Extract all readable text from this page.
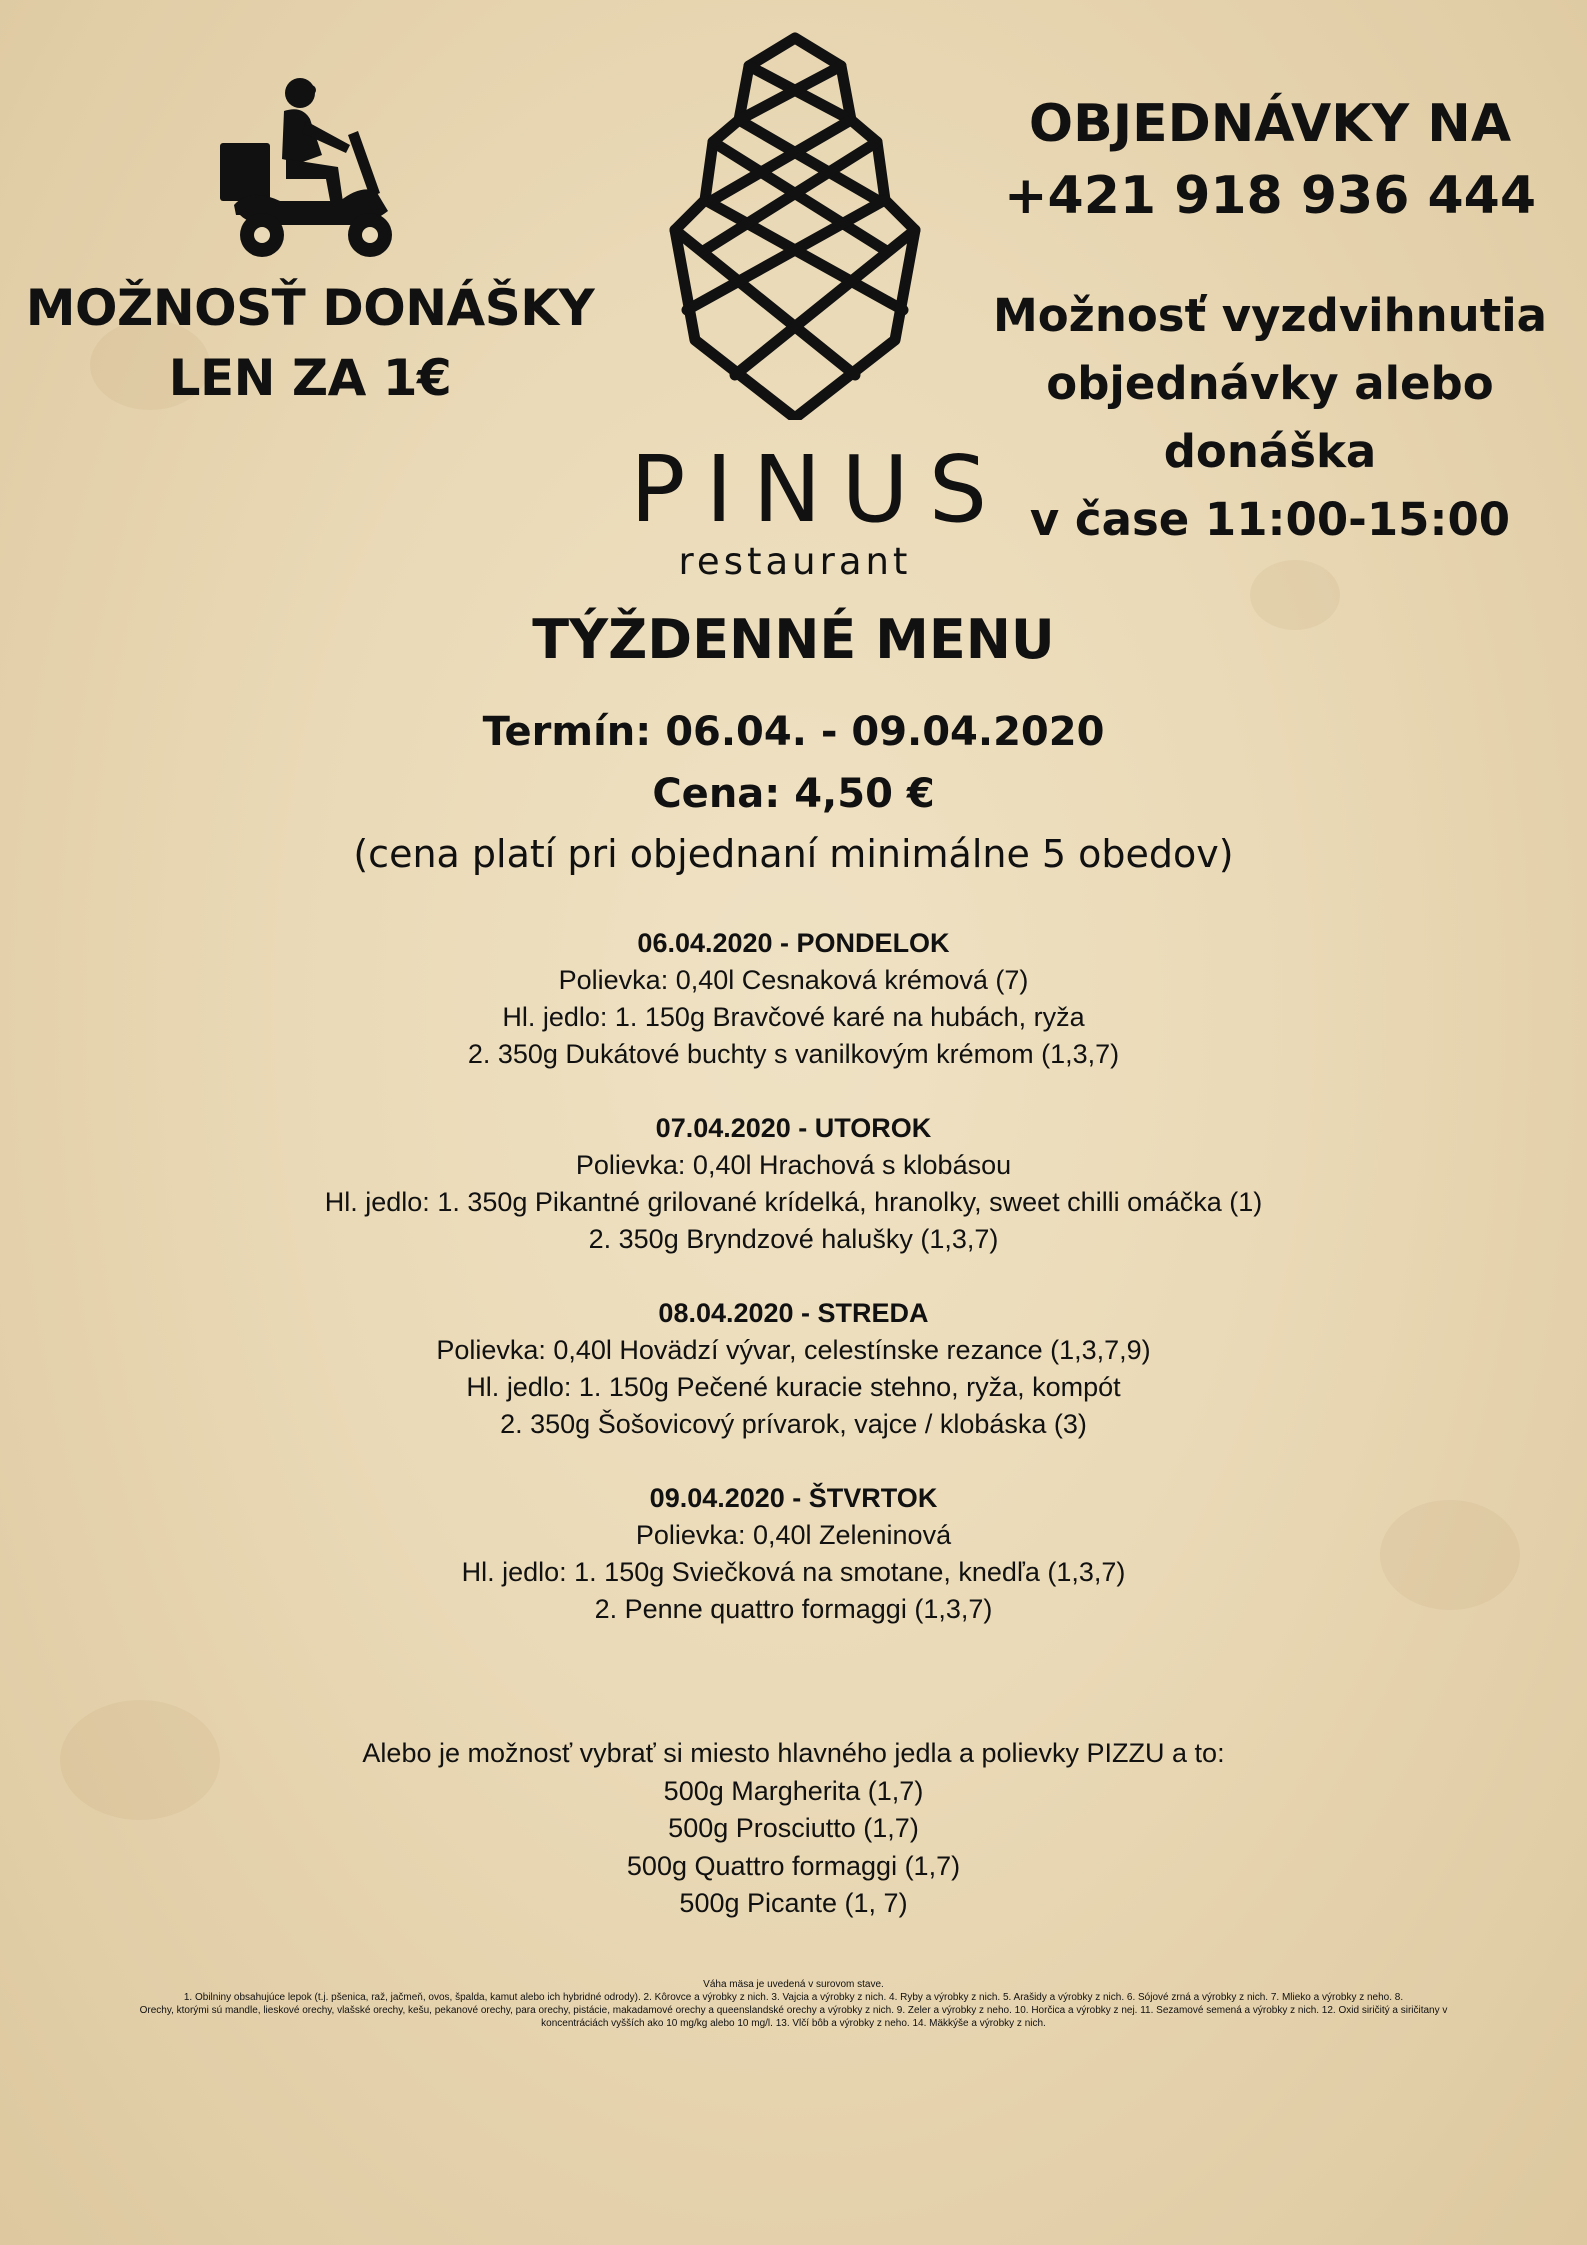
MOŽNOSŤ DONÁŠKY
LEN ZA 1€
PINUS
restaurant
OBJEDNÁVKY NA
+421 918 936 444
Možnosť vyzdvihnutia
objednávky alebo donáška
v čase 11:00-15:00
TÝŽDENNÉ MENU
Termín: 06.04. - 09.04.2020
Cena: 4,50 €
(cena platí pri objednaní minimálne 5 obedov)
06.04.2020 - PONDELOK
Polievka: 0,40l Cesnaková krémová (7)
Hl. jedlo: 1. 150g Bravčové karé na hubách, ryža
2. 350g Dukátové buchty s vanilkovým krémom (1,3,7)
07.04.2020 - UTOROK
Polievka: 0,40l Hrachová s klobásou
Hl. jedlo: 1. 350g Pikantné grilované krídelká, hranolky, sweet chilli omáčka (1)
2. 350g Bryndzové halušky (1,3,7)
08.04.2020 - STREDA
Polievka: 0,40l Hovädzí vývar, celestínske rezance (1,3,7,9)
Hl. jedlo: 1. 150g Pečené kuracie stehno, ryža, kompót
2. 350g Šošovicový prívarok, vajce / klobáska (3)
09.04.2020 - ŠTVRTOK
Polievka: 0,40l Zeleninová
Hl. jedlo: 1. 150g Sviečková na smotane, knedľa (1,3,7)
2. Penne quattro formaggi (1,3,7)
Alebo je možnosť vybrať si miesto hlavného jedla a polievky PIZZU a to:
500g Margherita (1,7)
500g Prosciutto (1,7)
500g Quattro formaggi (1,7)
500g Picante (1, 7)
Váha mäsa je uvedená v surovom stave.
1. Obilniny obsahujúce lepok (t.j. pšenica, raž, jačmeň, ovos, špalda, kamut alebo ich hybridné odrody). 2. Kôrovce a výrobky z nich. 3. Vajcia a výrobky z nich. 4. Ryby a výrobky z nich. 5. Arašidy a výrobky z nich. 6. Sójové zrná a výrobky z nich. 7. Mlieko a výrobky z neho. 8.
Orechy, ktorými sú mandle, lieskové orechy, vlašské orechy, kešu, pekanové orechy, para orechy, pistácie, makadamové orechy a queenslandské orechy a výrobky z nich. 9. Zeler a výrobky z neho. 10. Horčica a výrobky z nej. 11. Sezamové semená a výrobky z nich. 12. Oxid siričitý a siričitany v
koncentráciách vyšších ako 10 mg/kg alebo 10 mg/l. 13. Vlčí bôb a výrobky z neho. 14. Mäkkýše a výrobky z nich.
